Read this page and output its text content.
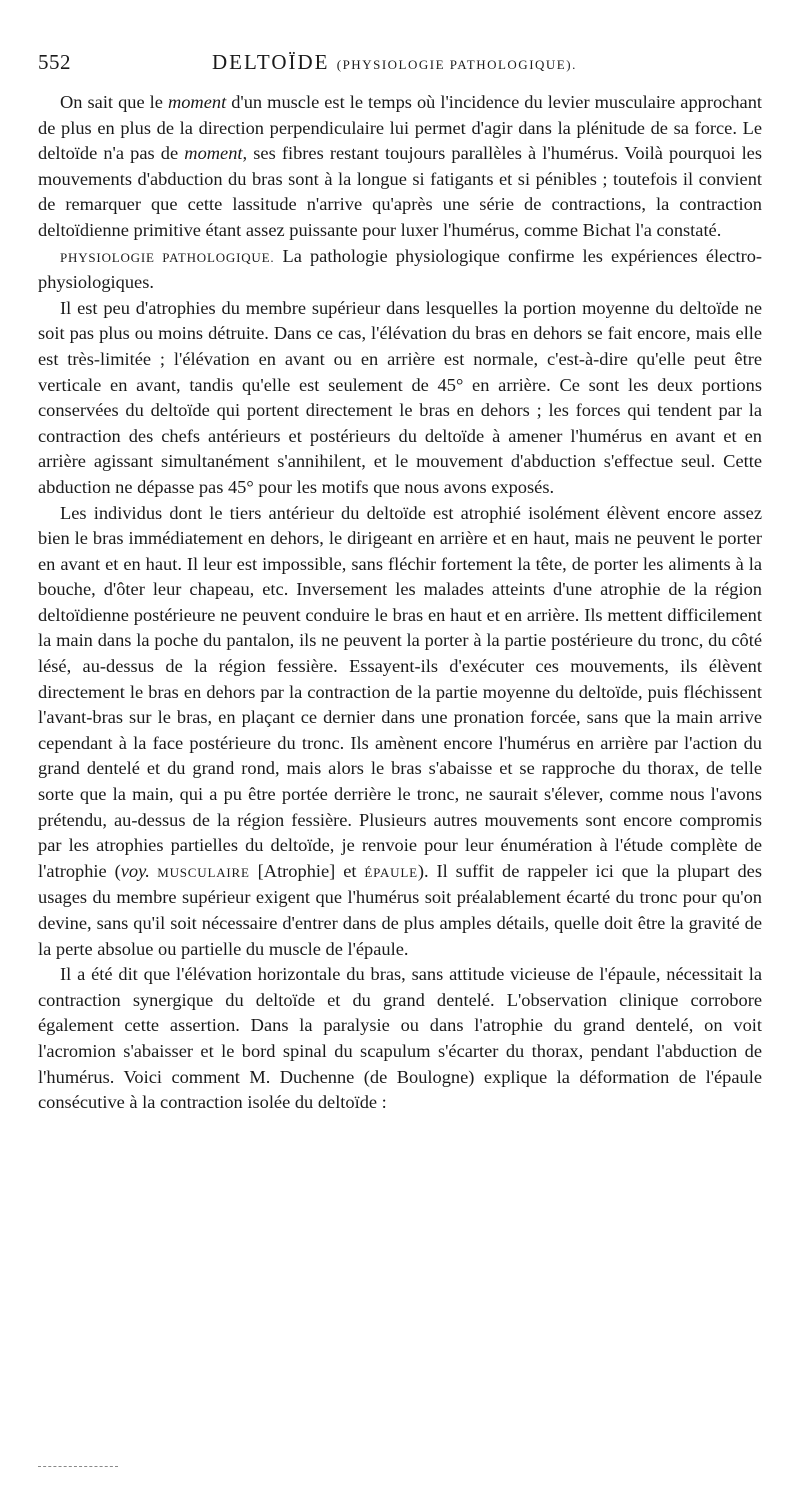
552	DELTOÏDE (PHYSIOLOGIE PATHOLOGIQUE).

On sait que le moment d'un muscle est le temps où l'incidence du levier musculaire approchant de plus en plus de la direction perpendiculaire lui permet d'agir dans la plénitude de sa force. Le deltoïde n'a pas de moment, ses fibres restant toujours parallèles à l'humérus. Voilà pourquoi les mouvements d'abduction du bras sont à la longue si fatigants et si pénibles ; toutefois il convient de remarquer que cette lassitude n'arrive qu'après une série de contractions, la contraction deltoïdienne primitive étant assez puissante pour luxer l'humérus, comme Bichat l'a constaté.

PHYSIOLOGIE PATHOLOGIQUE. La pathologie physiologique confirme les expériences électro-physiologiques.

Il est peu d'atrophies du membre supérieur dans lesquelles la portion moyenne du deltoïde ne soit pas plus ou moins détruite. Dans ce cas, l'élévation du bras en dehors se fait encore, mais elle est très-limitée ; l'élévation en avant ou en arrière est normale, c'est-à-dire qu'elle peut être verticale en avant, tandis qu'elle est seulement de 45° en arrière. Ce sont les deux portions conservées du deltoïde qui portent directement le bras en dehors ; les forces qui tendent par la contraction des chefs antérieurs et postérieurs du deltoïde à amener l'humérus en avant et en arrière agissant simultanément s'annihilent, et le mouvement d'abduction s'effectue seul. Cette abduction ne dépasse pas 45° pour les motifs que nous avons exposés.

Les individus dont le tiers antérieur du deltoïde est atrophié isolément élèvent encore assez bien le bras immédiatement en dehors, le dirigeant en arrière et en haut, mais ne peuvent le porter en avant et en haut. Il leur est impossible, sans fléchir fortement la tête, de porter les aliments à la bouche, d'ôter leur chapeau, etc. Inversement les malades atteints d'une atrophie de la région deltoïdienne postérieure ne peuvent conduire le bras en haut et en arrière. Ils mettent difficilement la main dans la poche du pantalon, ils ne peuvent la porter à la partie postérieure du tronc, du côté lésé, au-dessus de la région fessière. Essayent-ils d'exécuter ces mouvements, ils élèvent directement le bras en dehors par la contraction de la partie moyenne du deltoïde, puis fléchissent l'avant-bras sur le bras, en plaçant ce dernier dans une pronation forcée, sans que la main arrive cependant à la face postérieure du tronc. Ils amènent encore l'humérus en arrière par l'action du grand dentelé et du grand rond, mais alors le bras s'abaisse et se rapproche du thorax, de telle sorte que la main, qui a pu être portée derrière le tronc, ne saurait s'élever, comme nous l'avons prétendu, au-dessus de la région fessière. Plusieurs autres mouvements sont encore compromis par les atrophies partielles du deltoïde, je renvoie pour leur énumération à l'étude complète de l'atrophie (voy. MUSCULAIRE [Atrophie] et ÉPAULE). Il suffit de rappeler ici que la plupart des usages du membre supérieur exigent que l'humérus soit préalablement écarté du tronc pour qu'on devine, sans qu'il soit nécessaire d'entrer dans de plus amples détails, quelle doit être la gravité de la perte absolue ou partielle du muscle de l'épaule.

Il a été dit que l'élévation horizontale du bras, sans attitude vicieuse de l'épaule, nécessitait la contraction synergique du deltoïde et du grand dentelé. L'observation clinique corrobore également cette assertion. Dans la paralysie ou dans l'atrophie du grand dentelé, on voit l'acromion s'abaisser et le bord spinal du scapulum s'écarter du thorax, pendant l'abduction de l'humérus. Voici comment M. Duchenne (de Boulogne) explique la déformation de l'épaule consécutive à la contraction isolée du deltoïde :
